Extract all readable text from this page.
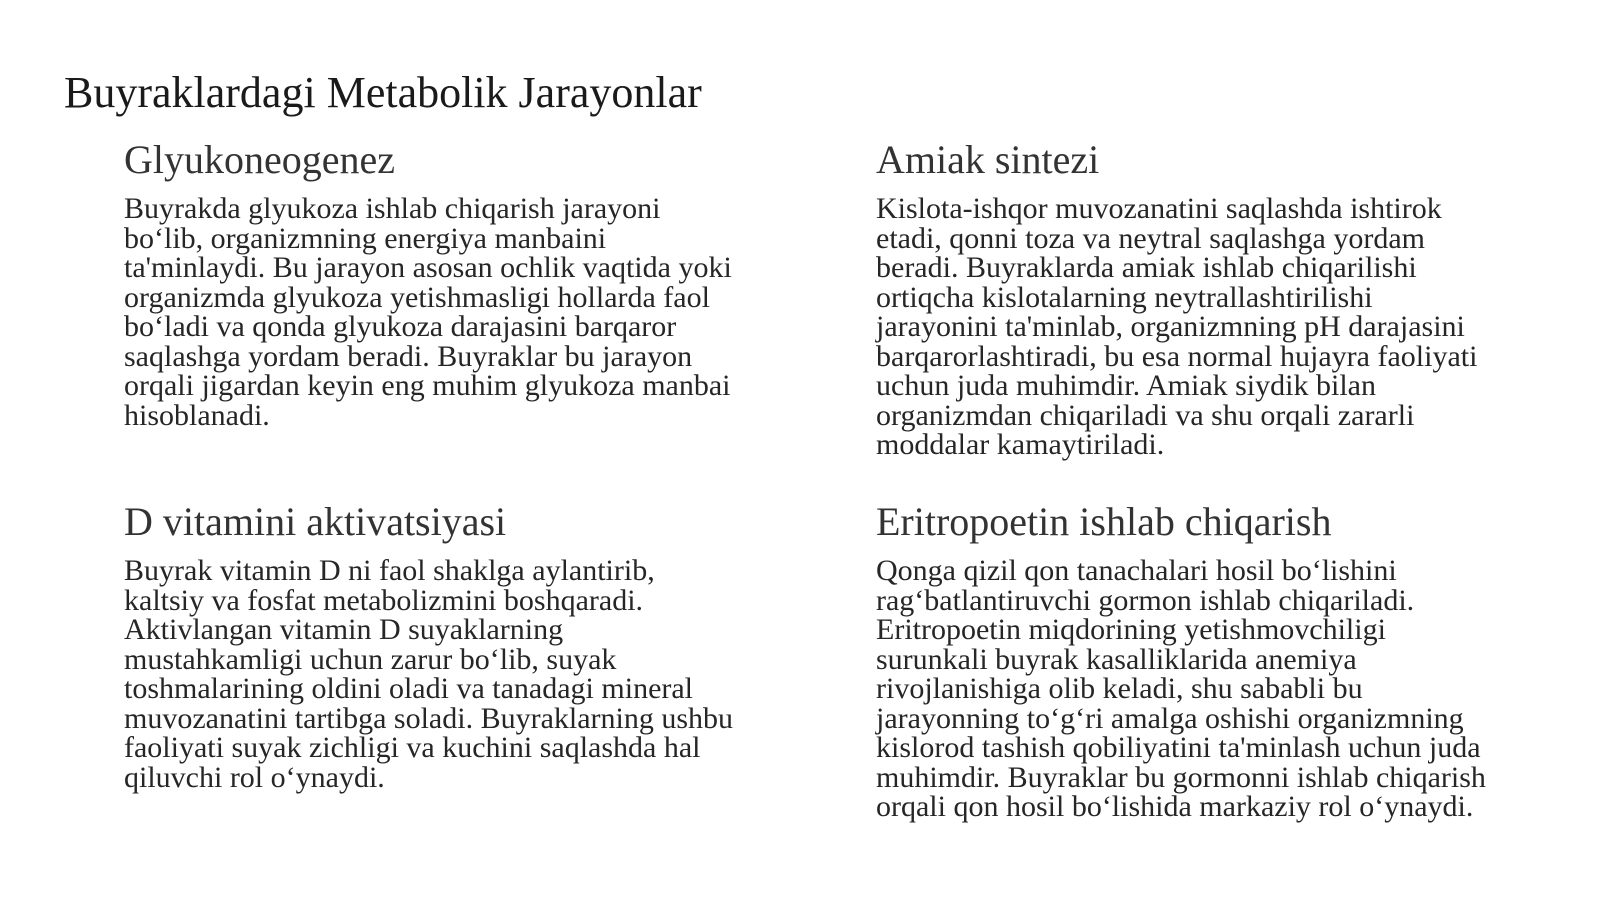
Buyraklardagi Metabolik Jarayonlar
Glyukoneogenez

Buyrakda glyukoza ishlab chiqarish jarayoni bo‘lib, organizmning energiya manbaini ta'minlaydi. Bu jarayon asosan ochlik vaqtida yoki organizmda glyukoza yetishmasligi hollarda faol bo‘ladi va qonda glyukoza darajasini barqaror saqlashga yordam beradi. Buyraklar bu jarayon orqali jigardan keyin eng muhim glyukoza manbai hisoblanadi.

Amiak sintezi

Kislota-ishqor muvozanatini saqlashda ishtirok etadi, qonni toza va neytral saqlashga yordam beradi. Buyraklarda amiak ishlab chiqarilishi ortiqcha kislotalarning neytrallashtirilishi jarayonini ta'minlab, organizmning pH darajasini barqarorlashtiradi, bu esa normal hujayra faoliyati uchun juda muhimdir. Amiak siydik bilan organizmdan chiqariladi va shu orqali zararli moddalar kamaytiriladi.

D vitamini aktivatsiyasi

Buyrak vitamin D ni faol shaklga aylantirib, kaltsiy va fosfat metabolizmini boshqaradi. Aktivlangan vitamin D suyaklarning mustahkamligi uchun zarur bo‘lib, suyak toshmalarining oldini oladi va tanadagi mineral muvozanatini tartibga soladi. Buyraklarning ushbu faoliyati suyak zichligi va kuchini saqlashda hal qiluvchi rol o‘ynaydi.

Eritropoetin ishlab chiqarish

Qonga qizil qon tanachalari hosil bo‘lishini rag‘batlantiruvchi gormon ishlab chiqariladi. Eritropoetin miqdorining yetishmovchiligi surunkali buyrak kasalliklarida anemiya rivojlanishiga olib keladi, shu sababli bu jarayonning to‘g‘ri amalga oshishi organizmning kislorod tashish qobiliyatini ta'minlash uchun juda muhimdir. Buyraklar bu gormonni ishlab chiqarish orqali qon hosil bo‘lishida markaziy rol o‘ynaydi.
